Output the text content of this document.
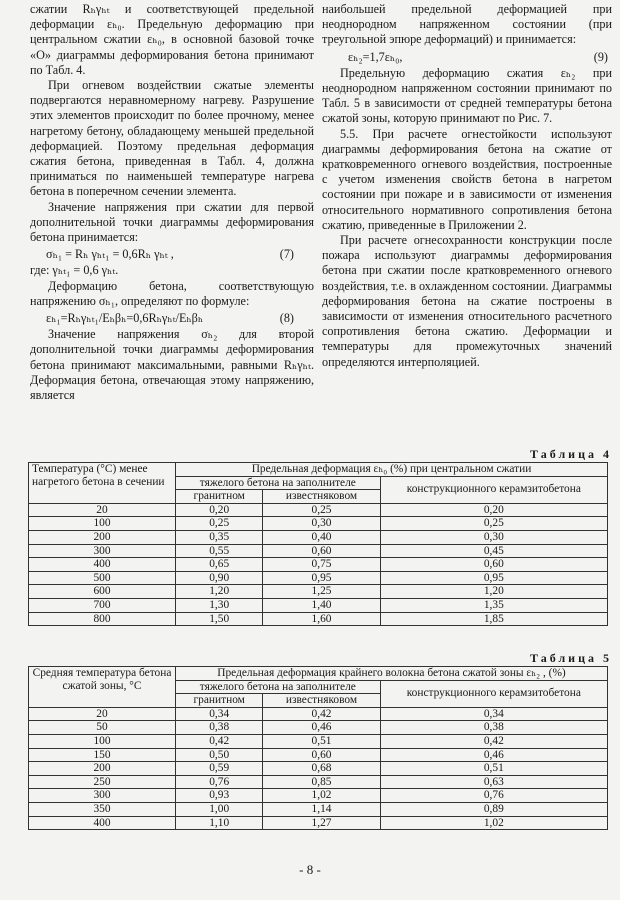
сжатии Rₕγₕₜ и соответствующей предельной деформации εₕ₀. Предельную деформацию при центральном сжатии εₕ₀, в основной базовой точке «О» диаграммы деформирования бетона принимают по Табл. 4.

При огневом воздействии сжатые элементы подвергаются неравномерному нагреву. Разрушение этих элементов происходит по более прочному, менее нагретому бетону, обладающему меньшей предельной деформацией. Поэтому предельная деформация сжатия бетона, приведенная в Табл. 4, должна приниматься по наименьшей температуре нагрева бетона в поперечном сечении элемента.

Значение напряжения при сжатии для первой дополнительной точки диаграммы деформирования бетона принимается:

σₕ₁ = Rₕ γₕₜ₁ = 0,6Rₕ γₕₜ ,	(7)

где: γₕₜ₁ = 0,6 γₕₜ.

Деформацию бетона, соответствующую напряжению σₕ₁, определяют по формуле:

εₕ₁=Rₕγₕₜ₁/Eₕβₕ=0,6Rₕγₕₜ/Eₕβₕ	(8)

Значение напряжения σₕ₂ для второй дополнительной точки диаграммы деформирования бетона принимают максимальными, равными Rₕγₕₜ. Деформация бетона, отвечающая этому напряжению, является

наибольшей предельной деформацией при неоднородном напряженном состоянии (при треугольной эпюре деформаций) и принимается:

εₕ₂=1,7εₕ₀,	(9)

Предельную деформацию сжатия εₕ₂ при неоднородном напряженном состоянии принимают по Табл. 5 в зависимости от средней температуры бетона сжатой зоны, которую принимают по Рис. 7.

5.5. При расчете огнестойкости используют диаграммы деформирования бетона на сжатие от кратковременного огневого воздействия, построенные с учетом изменения свойств бетона в нагретом состоянии при пожаре и в зависимости от изменения относительного нормативного сопротивления бетона сжатию, приведенные в Приложении 2.

При расчете огнесохранности конструкции после пожара используют диаграммы деформирования бетона при сжатии после кратковременного огневого воздействия, т.е. в охлажденном состоянии. Диаграммы деформирования бетона на сжатие построены в зависимости от изменения относительного расчетного сопротивления бетона сжатию. Деформации и температуры для промежуточных значений определяются интерполяцией.

Таблица 4
Температура (°С) менее нагретого бетона в сечении	Предельная деформация εₕ₀ (%) при центральном сжатии		
	тяжелого бетона на заполнителе		конструкционного керамзитобетона
	гранитном	известняковом	
20	0,20	0,25	0,20
100	0,25	0,30	0,25
200	0,35	0,40	0,30
300	0,55	0,60	0,45
400	0,65	0,75	0,60
500	0,90	0,95	0,95
600	1,20	1,25	1,20
700	1,30	1,40	1,35
800	1,50	1,60	1,85
Таблица 5
Средняя температура бетона сжатой зоны, °С	Предельная деформация крайнего волокна бетона сжатой зоны εₕ₂ , (%)		
	тяжелого бетона на заполнителе		конструкционного керамзитобетона
	гранитном	известняковом	
20	0,34	0,42	0,34
50	0,38	0,46	0,38
100	0,42	0,51	0,42
150	0,50	0,60	0,46
200	0,59	0,68	0,51
250	0,76	0,85	0,63
300	0,93	1,02	0,76
350	1,00	1,14	0,89
400	1,10	1,27	1,02
- 8 -
